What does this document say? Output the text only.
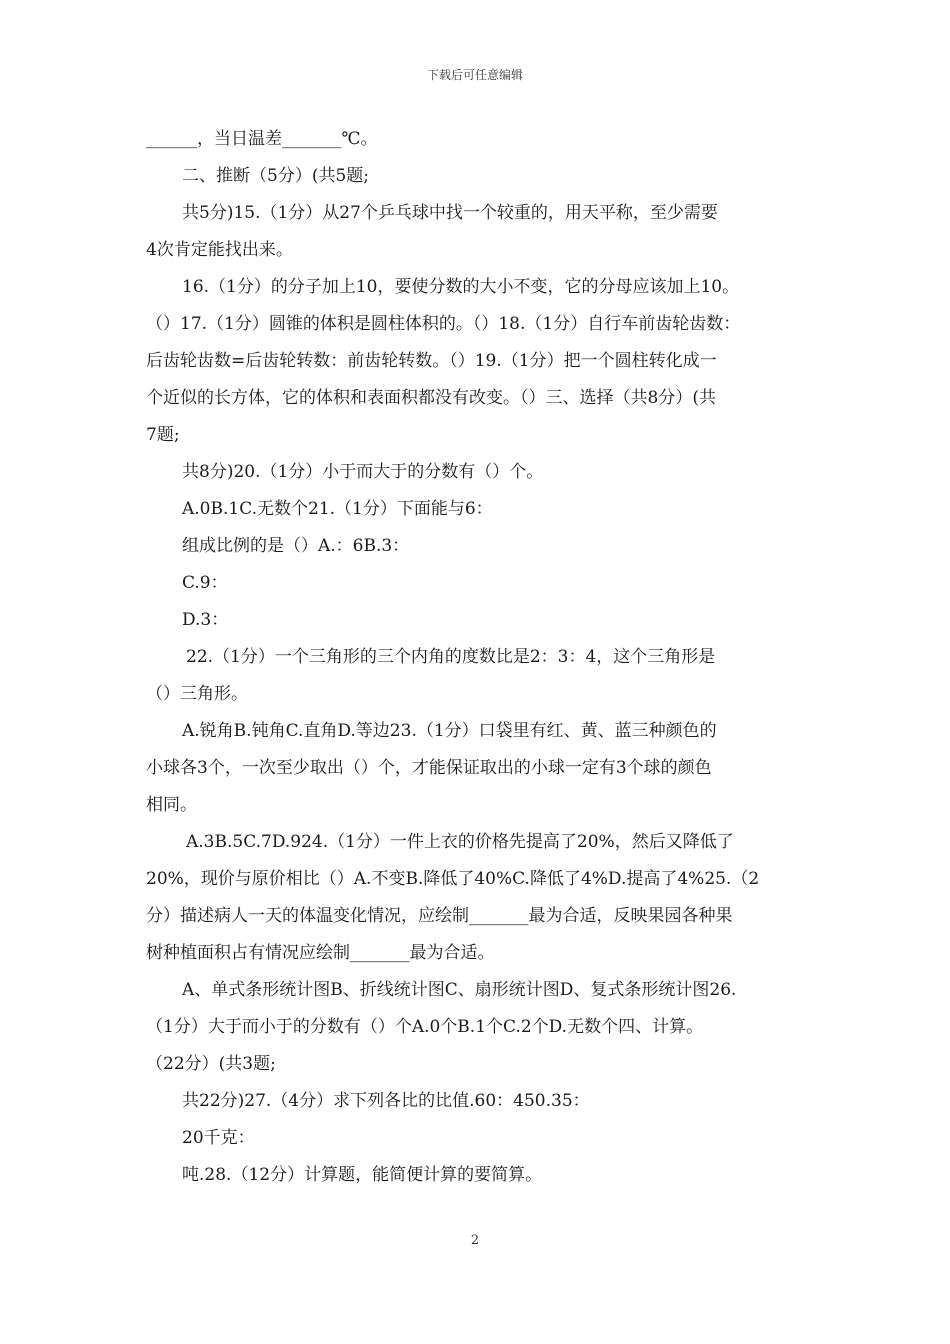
下载后可任意编辑
______，当日温差_______℃。
二、推断（5分）(共5题;
共5分)15.（1分）从27个乒乓球中找一个较重的，用天平称，至少需要
4次肯定能找出来。
16.（1分）的分子加上10，要使分数的大小不变，它的分母应该加上10。
（）17.（1分）圆锥的体积是圆柱体积的。（）18.（1分）自行车前齿轮齿数：
后齿轮齿数=后齿轮转数：前齿轮转数。（）19.（1分）把一个圆柱转化成一
个近似的长方体，它的体积和表面积都没有改变。（）三、选择（共8分）(共
7题;
共8分)20.（1分）小于而大于的分数有（）个。
A.0B.1C.无数个21.（1分）下面能与6：
组成比例的是（）A.：6B.3：
C.9：
D.3：
22.（1分）一个三角形的三个内角的度数比是2：3：4，这个三角形是
（）三角形。
A.锐角B.钝角C.直角D.等边23.（1分）口袋里有红、黄、蓝三种颜色的
小球各3个，一次至少取出（）个，才能保证取出的小球一定有3个球的颜色
相同。
A.3B.5C.7D.924.（1分）一件上衣的价格先提高了20%，然后又降低了
20%，现价与原价相比（）A.不变B.降低了40%C.降低了4%D.提高了4%25.（2
分）描述病人一天的体温变化情况，应绘制_______最为合适，反映果园各种果
树种植面积占有情况应绘制_______最为合适。
A、单式条形统计图B、折线统计图C、扇形统计图D、复式条形统计图26.
（1分）大于而小于的分数有（）个A.0个B.1个C.2个D.无数个四、计算。
（22分）(共3题;
共22分)27.（4分）求下列各比的比值.60：450.35：
20千克：
吨.28.（12分）计算题，能简便计算的要简算。
2
